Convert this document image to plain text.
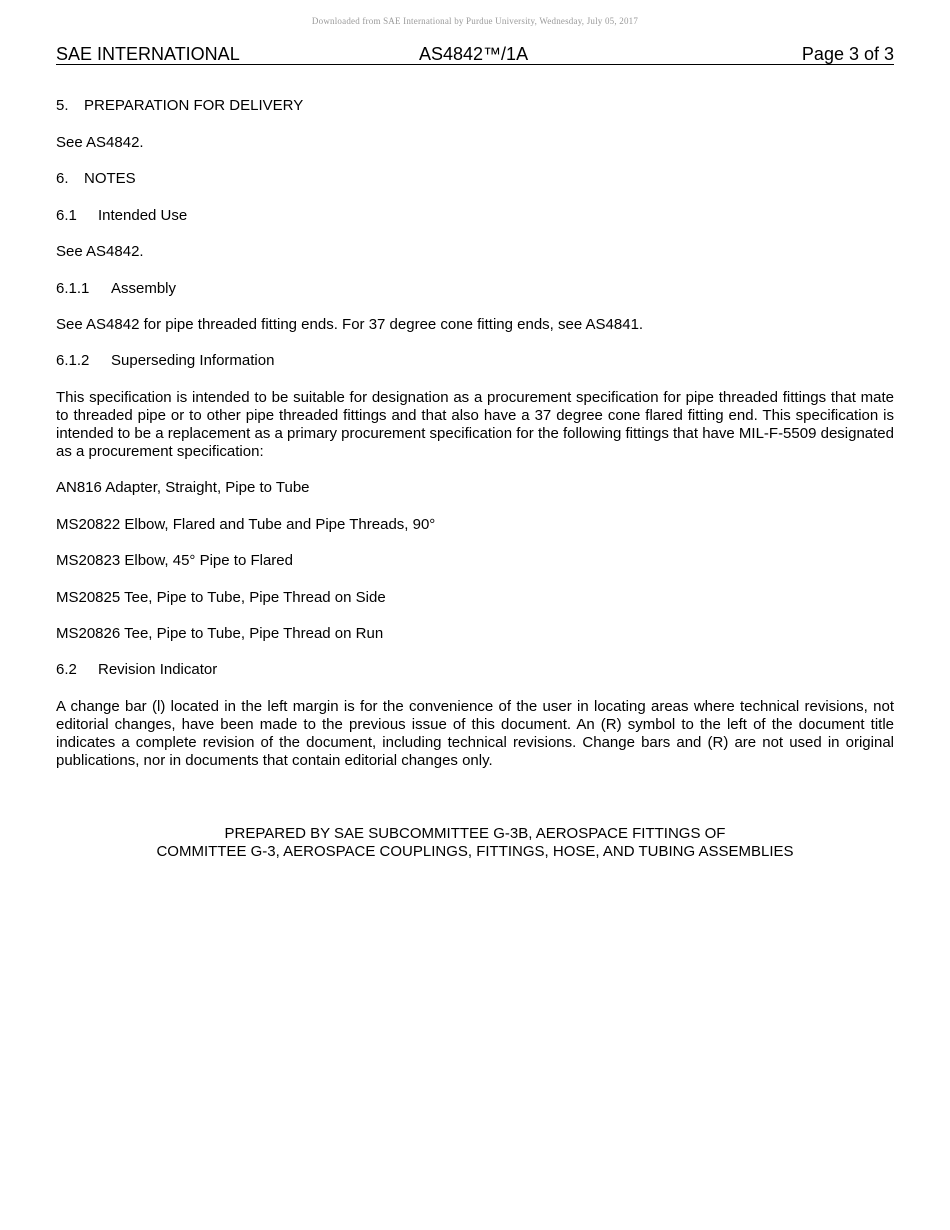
Downloaded from SAE International by Purdue University, Wednesday, July 05, 2017
SAE INTERNATIONAL	AS4842™/1A	Page 3 of 3
5. PREPARATION FOR DELIVERY
See AS4842.
6. NOTES
6.1 Intended Use
See AS4842.
6.1.1 Assembly
See AS4842 for pipe threaded fitting ends. For 37 degree cone fitting ends, see AS4841.
6.1.2 Superseding Information
This specification is intended to be suitable for designation as a procurement specification for pipe threaded fittings that mate to threaded pipe or to other pipe threaded fittings and that also have a 37 degree cone flared fitting end. This specification is intended to be a replacement as a primary procurement specification for the following fittings that have MIL-F-5509 designated as a procurement specification:
AN816 Adapter, Straight, Pipe to Tube
MS20822 Elbow, Flared and Tube and Pipe Threads, 90°
MS20823 Elbow, 45° Pipe to Flared
MS20825 Tee, Pipe to Tube, Pipe Thread on Side
MS20826 Tee, Pipe to Tube, Pipe Thread on Run
6.2 Revision Indicator
A change bar (l) located in the left margin is for the convenience of the user in locating areas where technical revisions, not editorial changes, have been made to the previous issue of this document. An (R) symbol to the left of the document title indicates a complete revision of the document, including technical revisions. Change bars and (R) are not used in original publications, nor in documents that contain editorial changes only.
PREPARED BY SAE SUBCOMMITTEE G-3B, AEROSPACE FITTINGS OF
COMMITTEE G-3, AEROSPACE COUPLINGS, FITTINGS, HOSE, AND TUBING ASSEMBLIES
